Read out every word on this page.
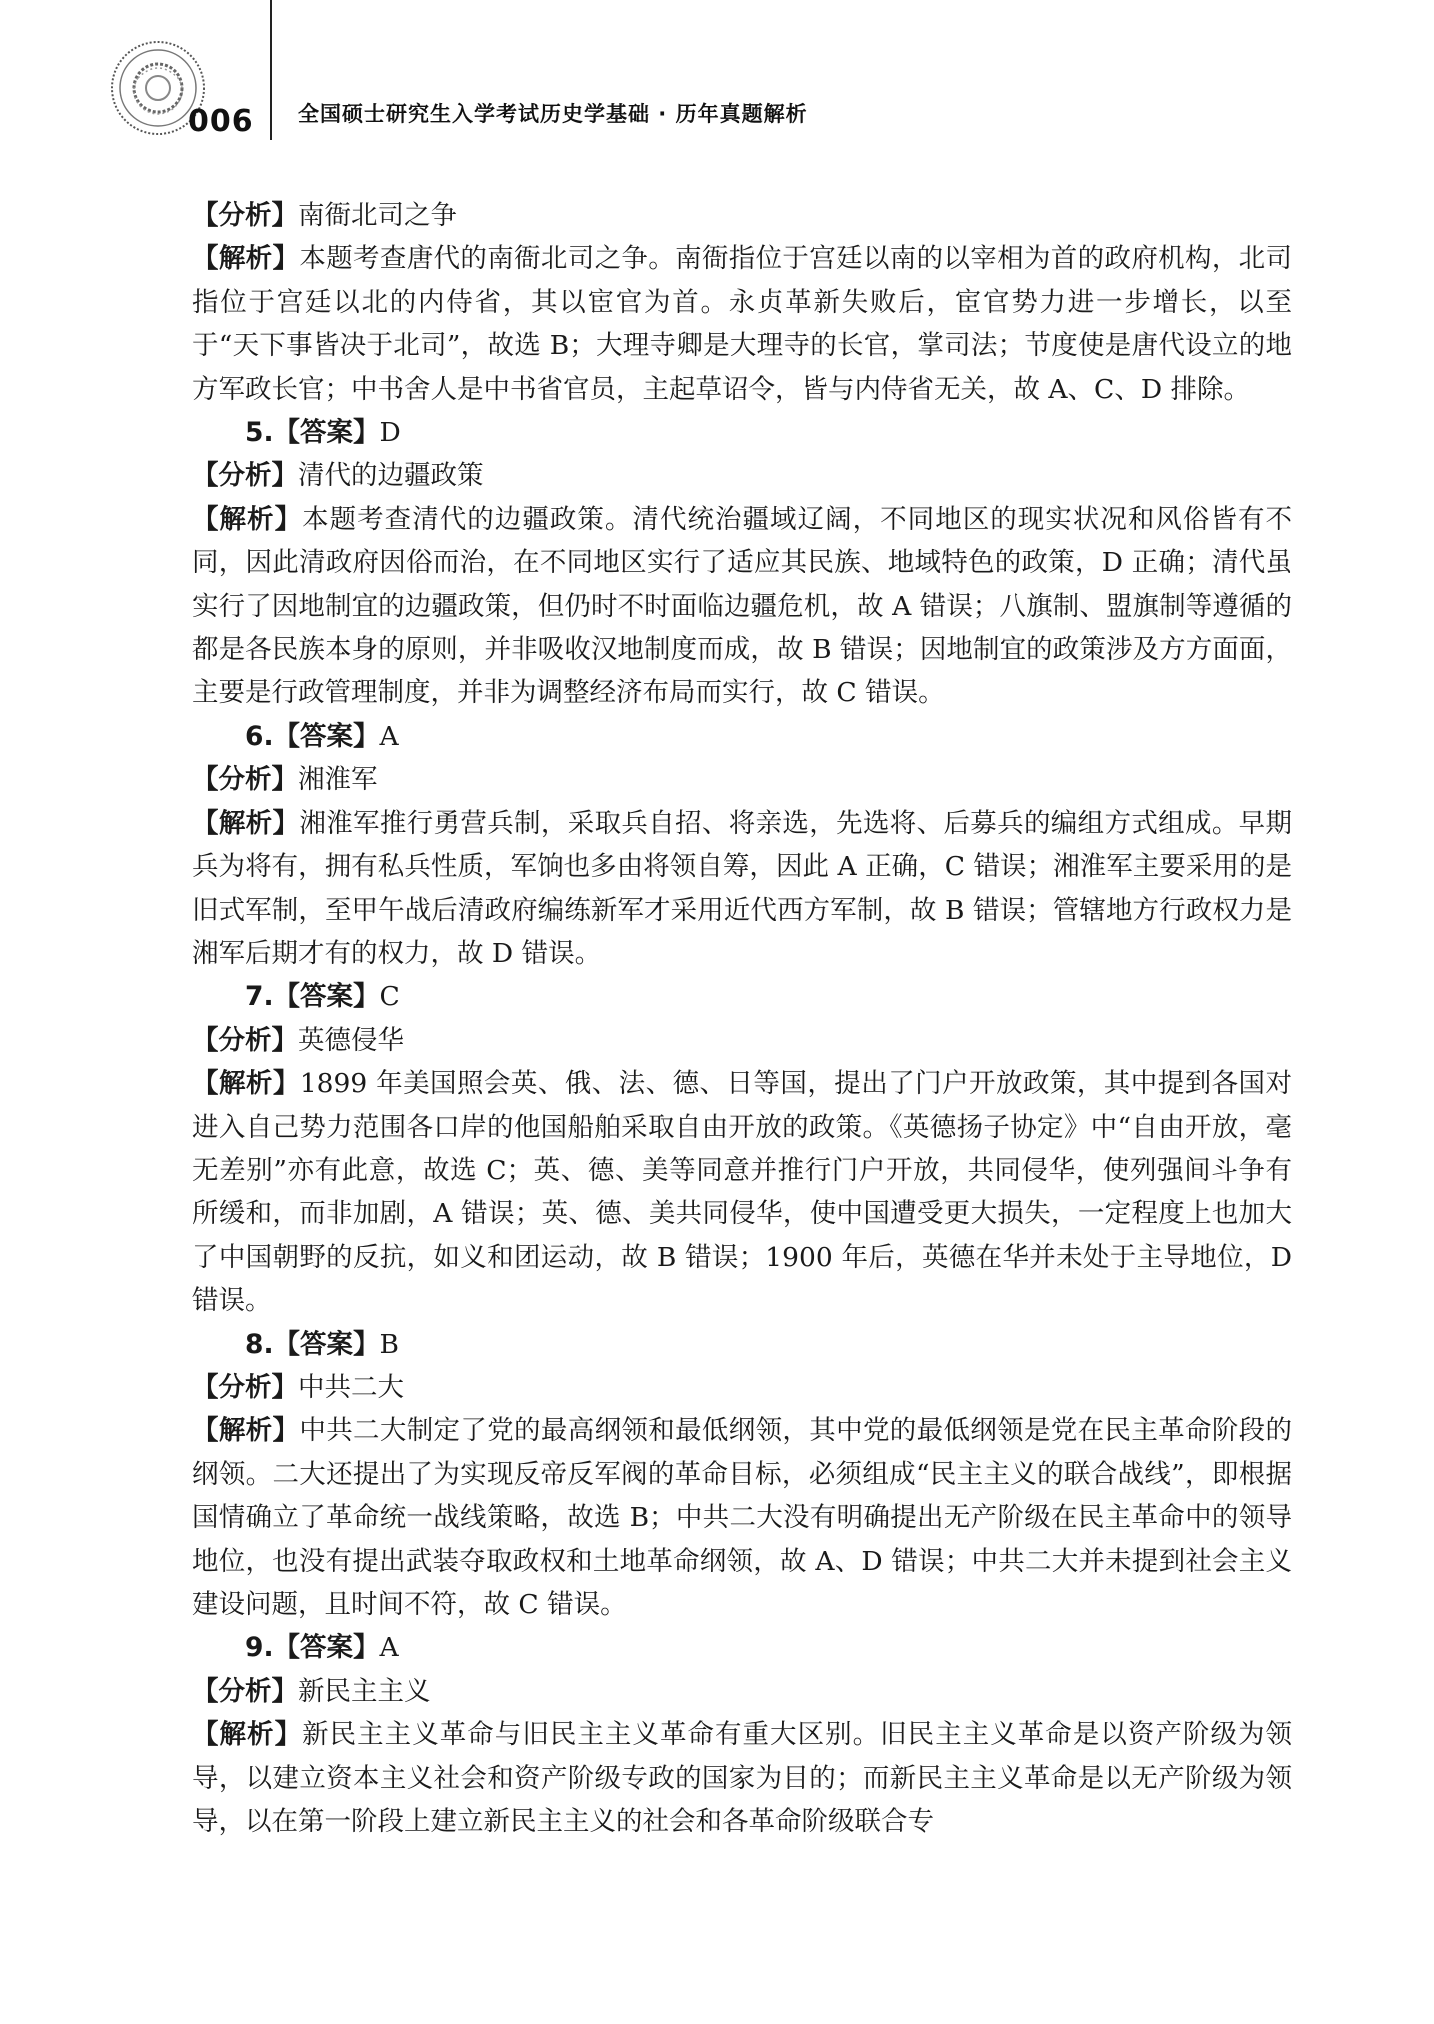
006 全国硕士研究生入学考试历史学基础 · 历年真题解析

【分析】南衙北司之争

【解析】本题考查唐代的南衙北司之争。南衙指位于宫廷以南的以宰相为首的政府机构，北司指位于宫廷以北的内侍省，其以宦官为首。永贞革新失败后，宦官势力进一步增长，以至于“天下事皆决于北司”，故选 B；大理寺卿是大理寺的长官，掌司法；节度使是唐代设立的地方军政长官；中书舍人是中书省官员，主起草诏令，皆与内侍省无关，故 A、C、D 排除。

5.【答案】D

【分析】清代的边疆政策

【解析】本题考查清代的边疆政策。清代统治疆域辽阔，不同地区的现实状况和风俗皆有不同，因此清政府因俗而治，在不同地区实行了适应其民族、地域特色的政策，D 正确；清代虽实行了因地制宜的边疆政策，但仍时不时面临边疆危机，故 A 错误；八旗制、盟旗制等遵循的都是各民族本身的原则，并非吸收汉地制度而成，故 B 错误；因地制宜的政策涉及方方面面，主要是行政管理制度，并非为调整经济布局而实行，故 C 错误。

6.【答案】A

【分析】湘淮军

【解析】湘淮军推行勇营兵制，采取兵自招、将亲选，先选将、后募兵的编组方式组成。早期兵为将有，拥有私兵性质，军饷也多由将领自筹，因此 A 正确，C 错误；湘淮军主要采用的是旧式军制，至甲午战后清政府编练新军才采用近代西方军制，故 B 错误；管辖地方行政权力是湘军后期才有的权力，故 D 错误。

7.【答案】C

【分析】英德侵华

【解析】1899 年美国照会英、俄、法、德、日等国，提出了门户开放政策，其中提到各国对进入自己势力范围各口岸的他国船舶采取自由开放的政策。《英德扬子协定》中“自由开放，毫无差别”亦有此意，故选 C；英、德、美等同意并推行门户开放，共同侵华，使列强间斗争有所缓和，而非加剧，A 错误；英、德、美共同侵华，使中国遭受更大损失，一定程度上也加大了中国朝野的反抗，如义和团运动，故 B 错误；1900 年后，英德在华并未处于主导地位，D 错误。

8.【答案】B

【分析】中共二大

【解析】中共二大制定了党的最高纲领和最低纲领，其中党的最低纲领是党在民主革命阶段的纲领。二大还提出了为实现反帝反军阀的革命目标，必须组成“民主主义的联合战线”，即根据国情确立了革命统一战线策略，故选 B；中共二大没有明确提出无产阶级在民主革命中的领导地位，也没有提出武装夺取政权和土地革命纲领，故 A、D 错误；中共二大并未提到社会主义建设问题，且时间不符，故 C 错误。

9.【答案】A

【分析】新民主主义

【解析】新民主主义革命与旧民主主义革命有重大区别。旧民主主义革命是以资产阶级为领导，以建立资本主义社会和资产阶级专政的国家为目的；而新民主主义革命是以无产阶级为领导，以在第一阶段上建立新民主主义的社会和各革命阶级联合专
